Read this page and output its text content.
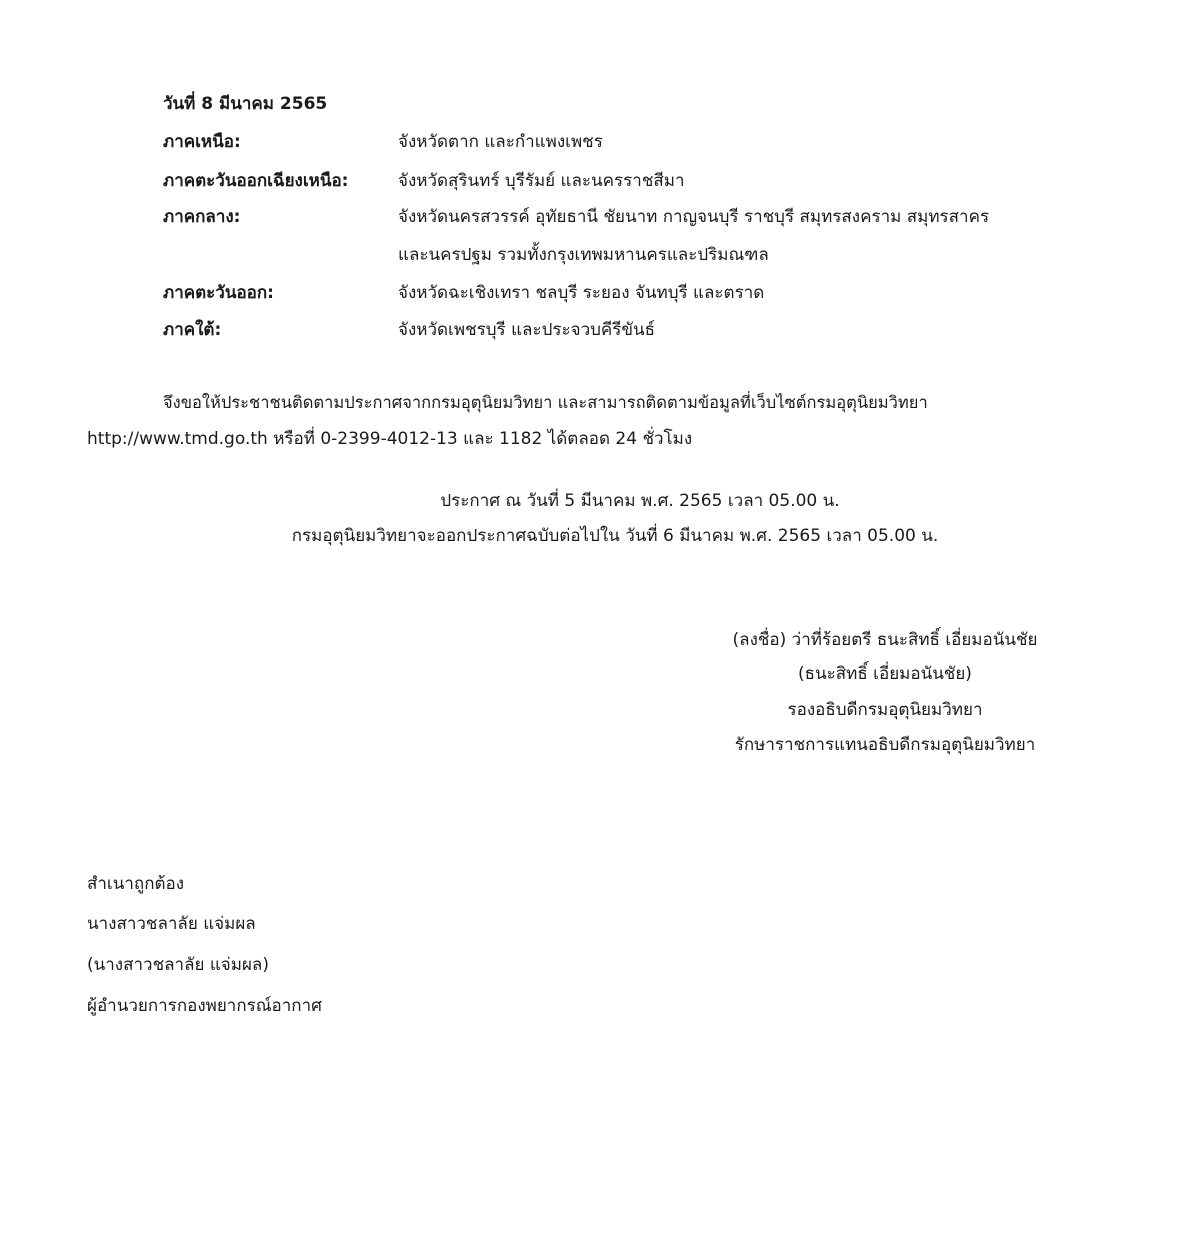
วันที่ 8 มีนาคม 2565
ภาคเหนือ:	จังหวัดตาก และกำแพงเพชร
ภาคตะวันออกเฉียงเหนือ:	จังหวัดสุรินทร์ บุรีรัมย์ และนครราชสีมา
ภาคกลาง:	จังหวัดนครสวรรค์ อุทัยธานี ชัยนาท กาญจนบุรี ราชบุรี สมุทรสงคราม สมุทรสาคร
และนครปฐม รวมทั้งกรุงเทพมหานครและปริมณฑล
ภาคตะวันออก:	จังหวัดฉะเชิงเทรา ชลบุรี ระยอง จันทบุรี และตราด
ภาคใต้:	จังหวัดเพชรบุรี และประจวบคีรีขันธ์
จึงขอให้ประชาชนติดตามประกาศจากกรมอุตุนิยมวิทยา และสามารถติดตามข้อมูลที่เว็บไซต์กรมอุตุนิยมวิทยา
http://www.tmd.go.th หรือที่ 0-2399-4012-13 และ 1182 ได้ตลอด 24 ชั่วโมง
ประกาศ ณ วันที่ 5 มีนาคม พ.ศ. 2565 เวลา 05.00 น.
กรมอุตุนิยมวิทยาจะออกประกาศฉบับต่อไปใน วันที่ 6 มีนาคม พ.ศ. 2565 เวลา 05.00 น.
(ลงชื่อ) ว่าที่ร้อยตรี ธนะสิทธิ์ เอี่ยมอนันชัย
(ธนะสิทธิ์ เอี่ยมอนันชัย)
รองอธิบดีกรมอุตุนิยมวิทยา
รักษาราชการแทนอธิบดีกรมอุตุนิยมวิทยา
สำเนาถูกต้อง
นางสาวชลาลัย แจ่มผล
(นางสาวชลาลัย แจ่มผล)
ผู้อำนวยการกองพยากรณ์อากาศ
